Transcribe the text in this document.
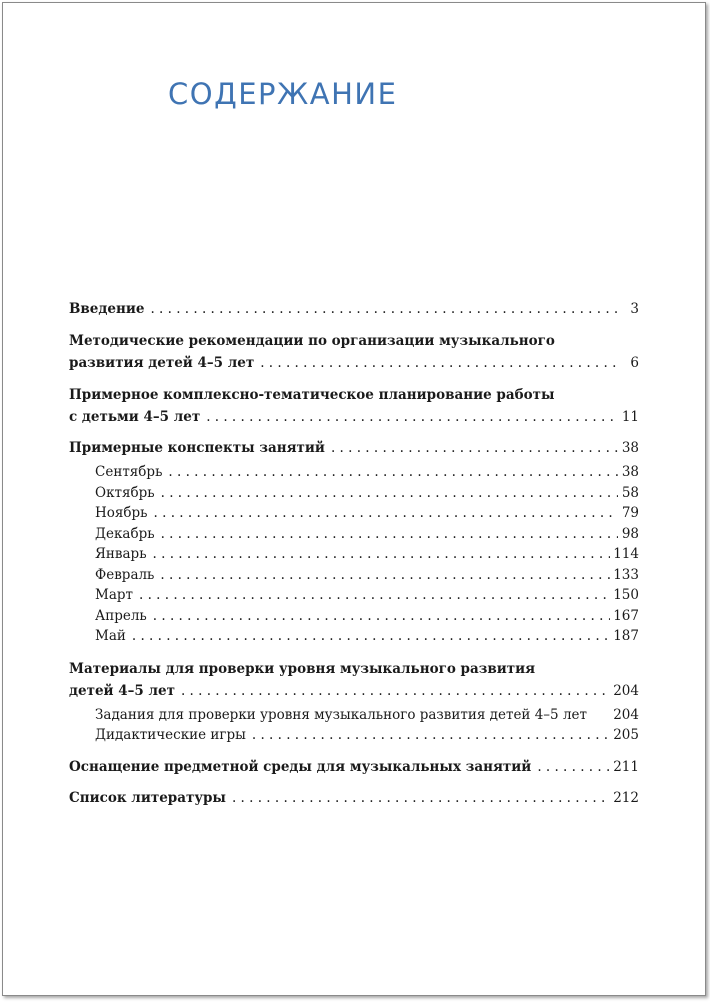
СОДЕРЖАНИЕ
Введение . . .	3
Методические рекомендации по организации музыкального
развития детей 4–5 лет . . .	6
Примерное комплексно-тематическое планирование работы
с детьми 4–5 лет . . .	11
Примерные конспекты занятий . . .	38
Сентябрь . . .	38
Октябрь . . .	58
Ноябрь . . .	79
Декабрь . . .	98
Январь . . .	114
Февраль . . .	133
Март . . .	150
Апрель . . .	167
Май . . .	187
Материалы для проверки уровня музыкального развития
детей 4–5 лет . . .	204
Задания для проверки уровня музыкального развития детей 4–5 лет 204
Дидактические игры . . .	205
Оснащение предметной среды для музыкальных занятий . . .	211
Список литературы . . .	212
